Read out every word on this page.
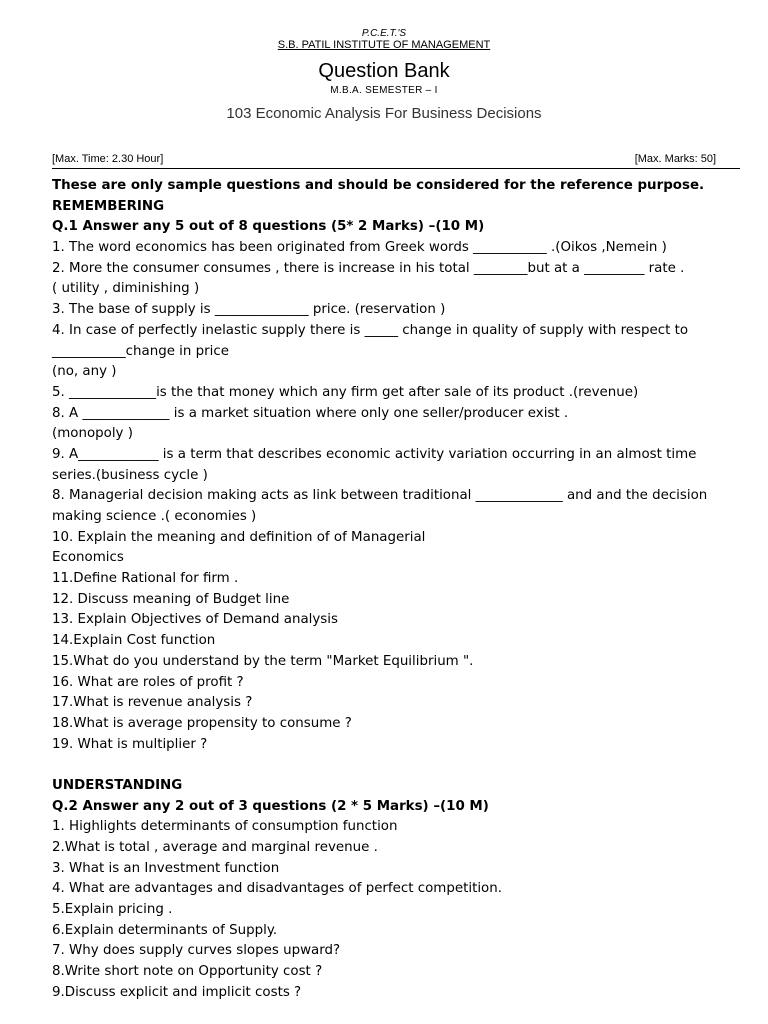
P.C.E.T.'S
S.B. PATIL INSTITUTE OF MANAGEMENT
Question Bank
M.B.A. SEMESTER – I
103 Economic Analysis For Business Decisions
[Max. Time: 2.30 Hour]	[Max. Marks: 50]
These are only sample questions and should be considered for the reference purpose.
REMEMBERING
Q.1 Answer any 5 out of 8 questions (5* 2 Marks) –(10 M)
1. The word economics has been originated from Greek words ___________ .(Oikos ,Nemein )
2. More the consumer consumes , there is increase in his total ________but at a _________ rate .
( utility , diminishing )
3. The base of supply is ______________ price. (reservation )
4. In case of perfectly inelastic supply there is _____ change in quality of supply with respect to
___________change in price
(no, any )
5. _____________is the that money which any firm get after sale of its product .(revenue)
8. A _____________ is a market situation where only one seller/producer exist .
(monopoly )
9. A____________ is a term that describes economic activity variation occurring in an almost time
series.(business cycle )
8. Managerial decision making acts as link between traditional _____________ and and the decision
making science .( economies )
10. Explain the meaning and definition of of Managerial
Economics
11.Define Rational for firm .
12. Discuss meaning of Budget line
13. Explain Objectives of Demand analysis
14.Explain Cost function
15.What do you understand by the term "Market Equilibrium ".
16. What are roles of profit ?
17.What is revenue analysis ?
18.What is average propensity to consume ?
19. What is multiplier ?
UNDERSTANDING
Q.2 Answer any 2 out of 3 questions (2 * 5 Marks) –(10 M)
1. Highlights determinants of consumption function
2.What is total , average and marginal revenue .
3. What is an Investment function
4. What are advantages and disadvantages of perfect competition.
5.Explain pricing .
6.Explain determinants of Supply.
7. Why does supply curves slopes upward?
8.Write short note on Opportunity cost ?
9.Discuss explicit and implicit costs ?
